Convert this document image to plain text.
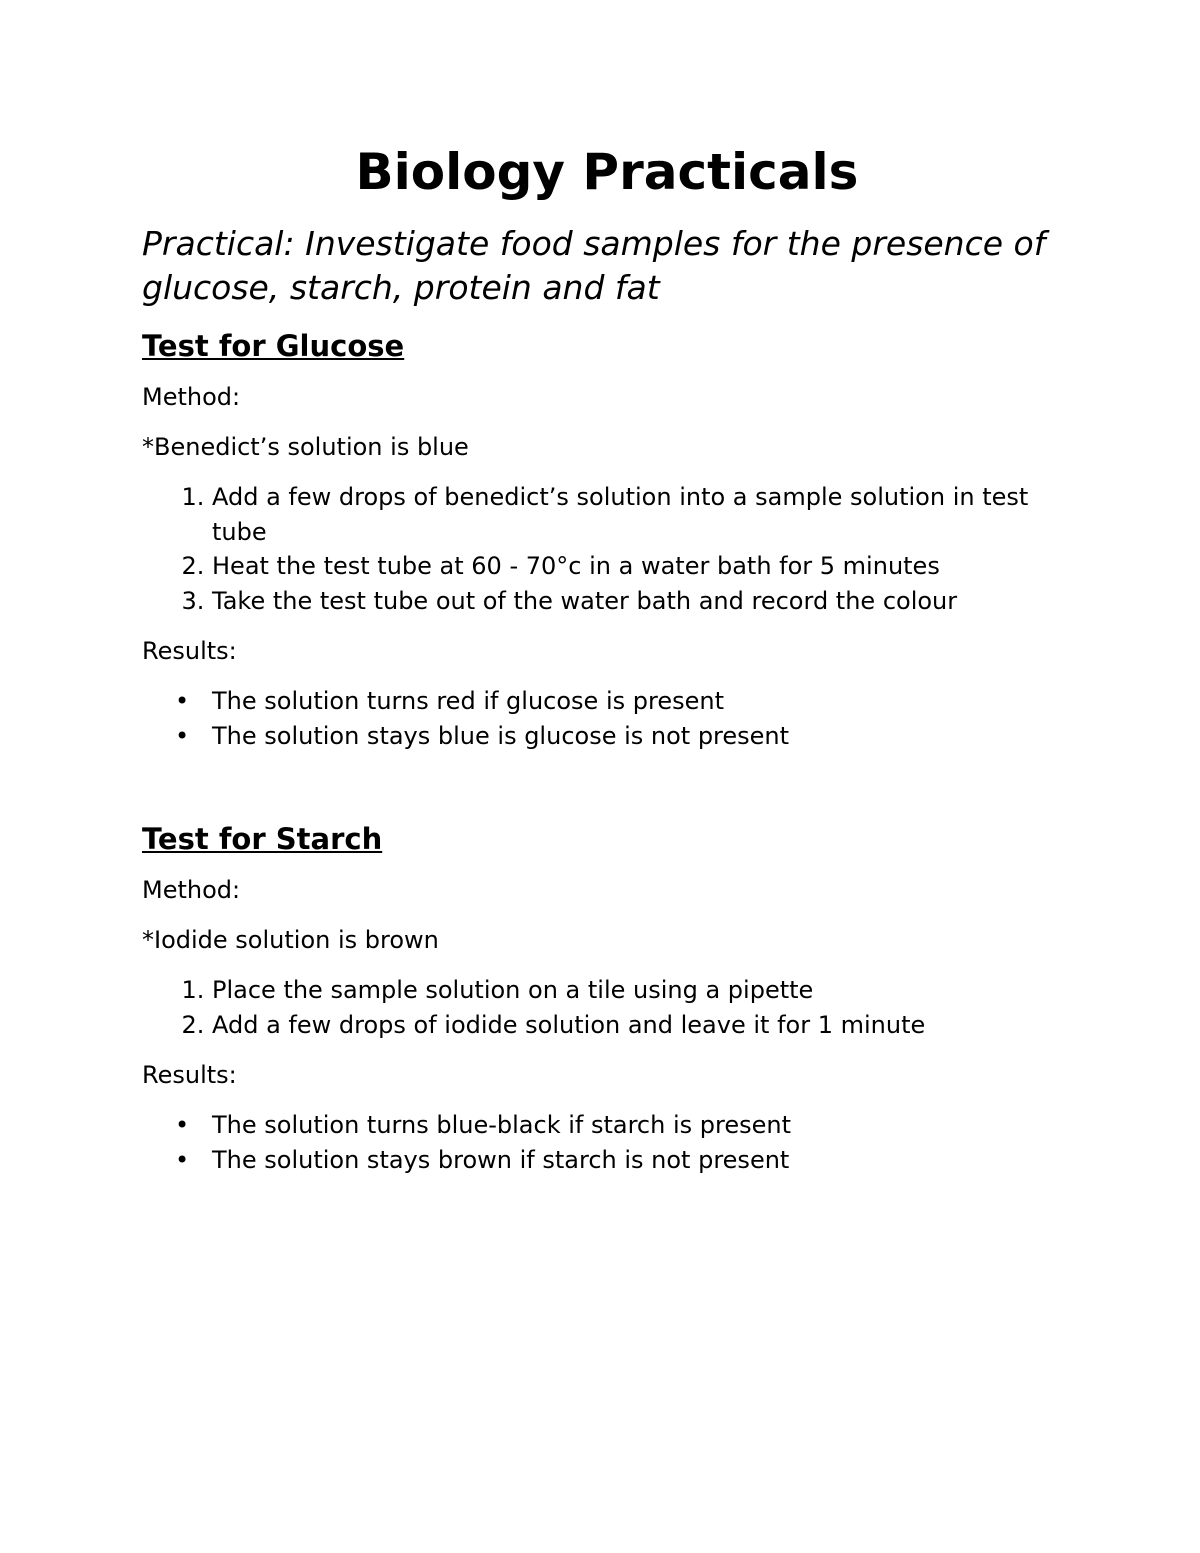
Biology Practicals
Practical: Investigate food samples for the presence of glucose, starch, protein and fat
Test for Glucose
Method:
*Benedict’s solution is blue
1. Add a few drops of benedict’s solution into a sample solution in test tube
2. Heat the test tube at 60 - 70°c in a water bath for 5 minutes
3. Take the test tube out of the water bath and record the colour
Results:
• The solution turns red if glucose is present
• The solution stays blue is glucose is not present
Test for Starch
Method:
*Iodide solution is brown
1. Place the sample solution on a tile using a pipette
2. Add a few drops of iodide solution and leave it for 1 minute
Results:
• The solution turns blue-black if starch is present
• The solution stays brown if starch is not present
